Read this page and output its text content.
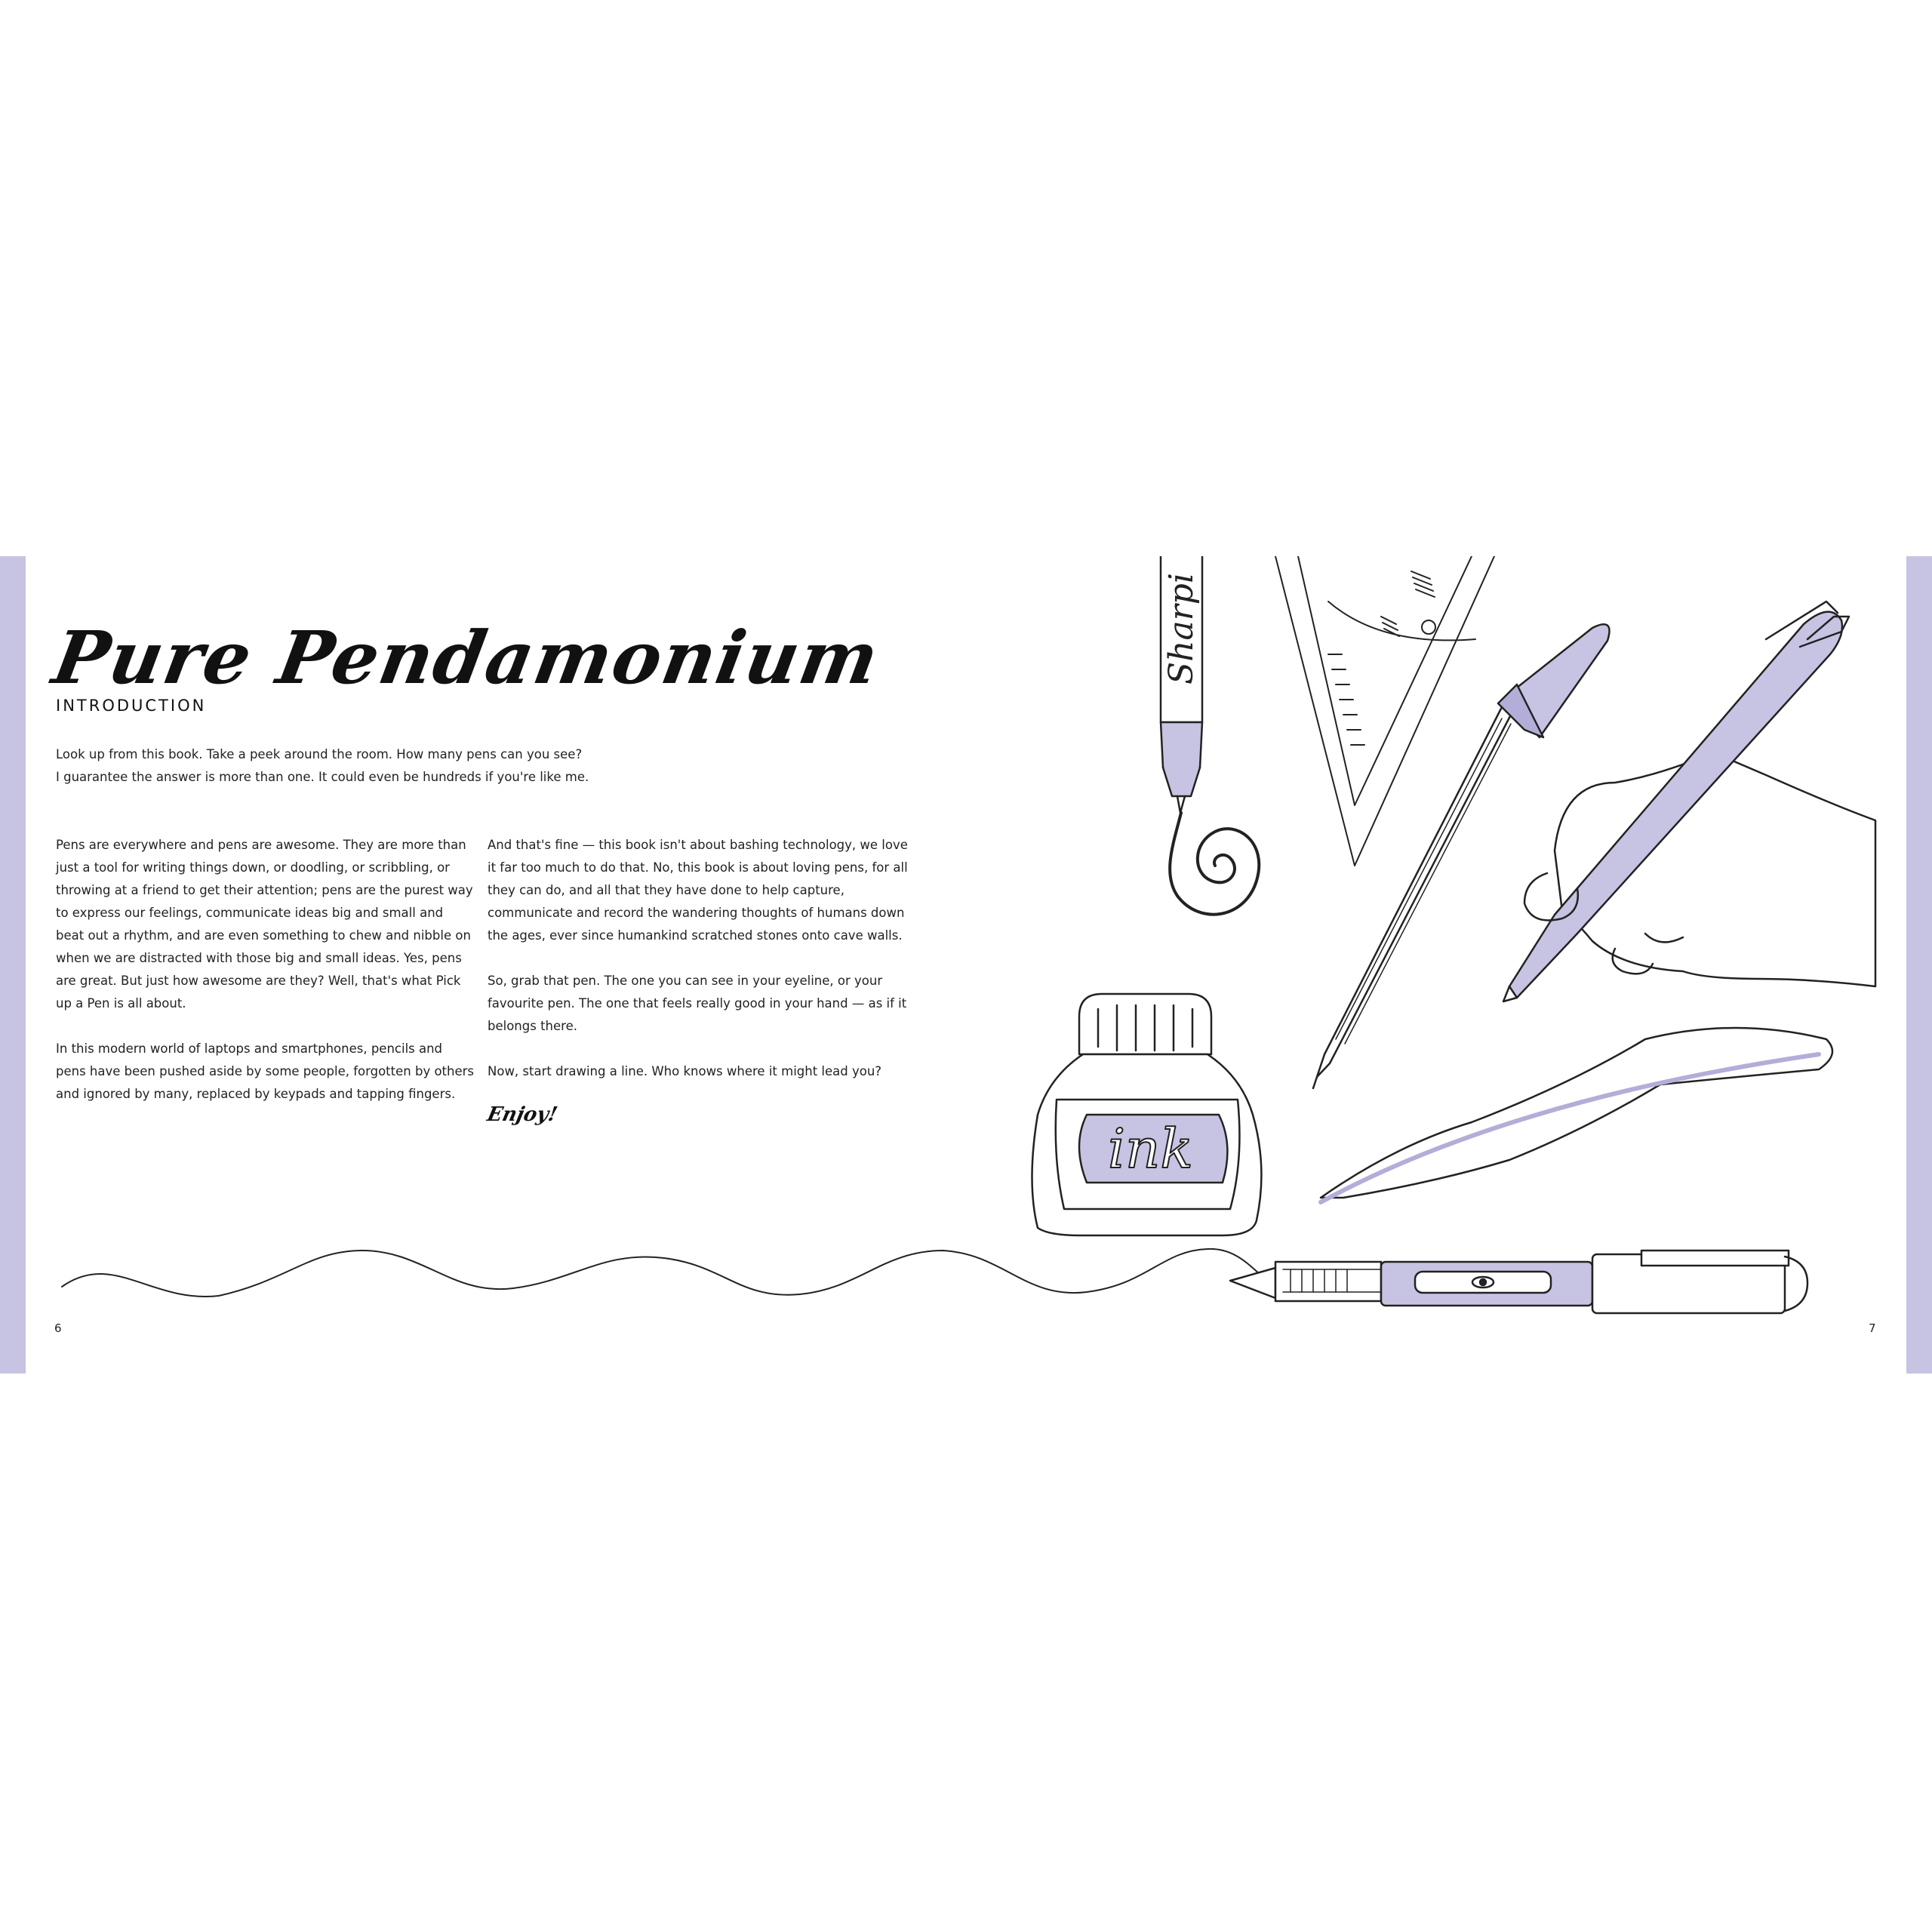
Pure Pendamonium
INTRODUCTION

Look up from this book. Take a peek around the room. How many pens can you see?

I guarantee the answer is more than one. It could even be hundreds if you're like me.

Pens are everywhere and pens are awesome. They are more than just a tool for writing things down, or doodling, or scribbling, or throwing at a friend to get their attention; pens are the purest way to express our feelings, communicate ideas big and small and beat out a rhythm, and are even something to chew and nibble on when we are distracted with those big and small ideas. Yes, pens are great. But just how awesome are they? Well, that's what Pick up a Pen is all about.

In this modern world of laptops and smartphones, pencils and pens have been pushed aside by some people, forgotten by others and ignored by many, replaced by keypads and tapping fingers.

And that's fine — this book isn't about bashing technology, we love it far too much to do that. No, this book is about loving pens, for all they can do, and all that they have done to help capture, communicate and record the wandering thoughts of humans down the ages, ever since humankind scratched stones onto cave walls.

So, grab that pen. The one you can see in your eyeline, or your favourite pen. The one that feels really good in your hand — as if it belongs there.

Now, start drawing a line. Who knows where it might lead you?

Enjoy!
6	7
Sharpi
ink
